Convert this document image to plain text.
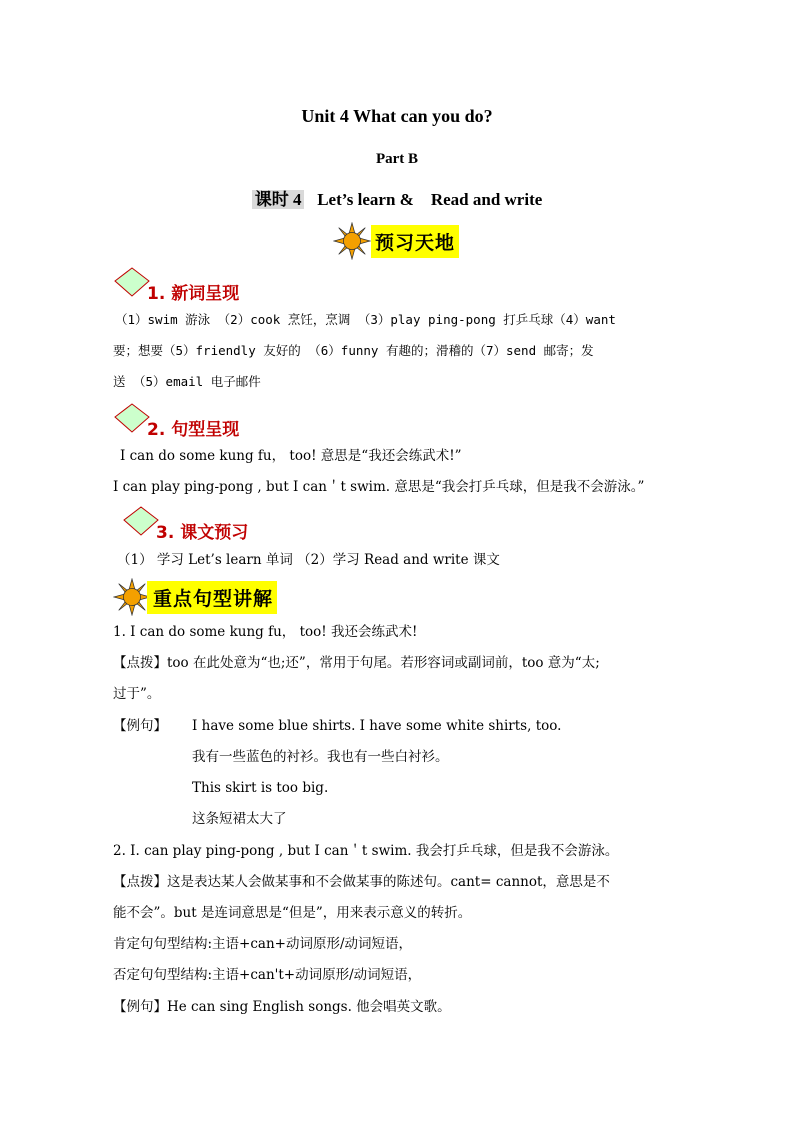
Unit 4 What can you do?
Part B
课时 4 Let’s learn &    Read and write
预习天地
1. 新词呈现
（1）swim 游泳 （2）cook 烹饪，烹调 （3）play ping-pong 打乒乓球（4）want
要；想要（5）friendly 友好的 （6）funny 有趣的；滑稽的（7）send 邮寄；发
送 （5）email 电子邮件
2. 句型呈现
I can do some kung fu， too! 意思是“我还会练武术!”
I can play ping-pong , but I can＇t swim. 意思是“我会打乒乓球，但是我不会游泳。”
3. 课文预习
（1） 学习 Let’s learn 单词 （2）学习 Read and write 课文
重点句型讲解
1. I can do some kung fu， too! 我还会练武术!
【点拨】too 在此处意为“也;还”，常用于句尾。若形容词或副词前，too 意为“太;
过于”。
【例句】 I have some blue shirts. I have some white shirts, too.
我有一些蓝色的衬衫。我也有一些白衬衫。
This skirt is too big.
这条短裙太大了
2. I. can play ping-pong , but I can＇t swim. 我会打乒乓球，但是我不会游泳。
【点拨】这是表达某人会做某事和不会做某事的陈述句。cant= cannot，意思是不
能不会”。but 是连词意思是“但是”，用来表示意义的转折。
肯定句句型结构:主语+can+动词原形/动词短语，
否定句句型结构:主语+can't+动词原形/动词短语，
【例句】He can sing English songs. 他会唱英文歌。
